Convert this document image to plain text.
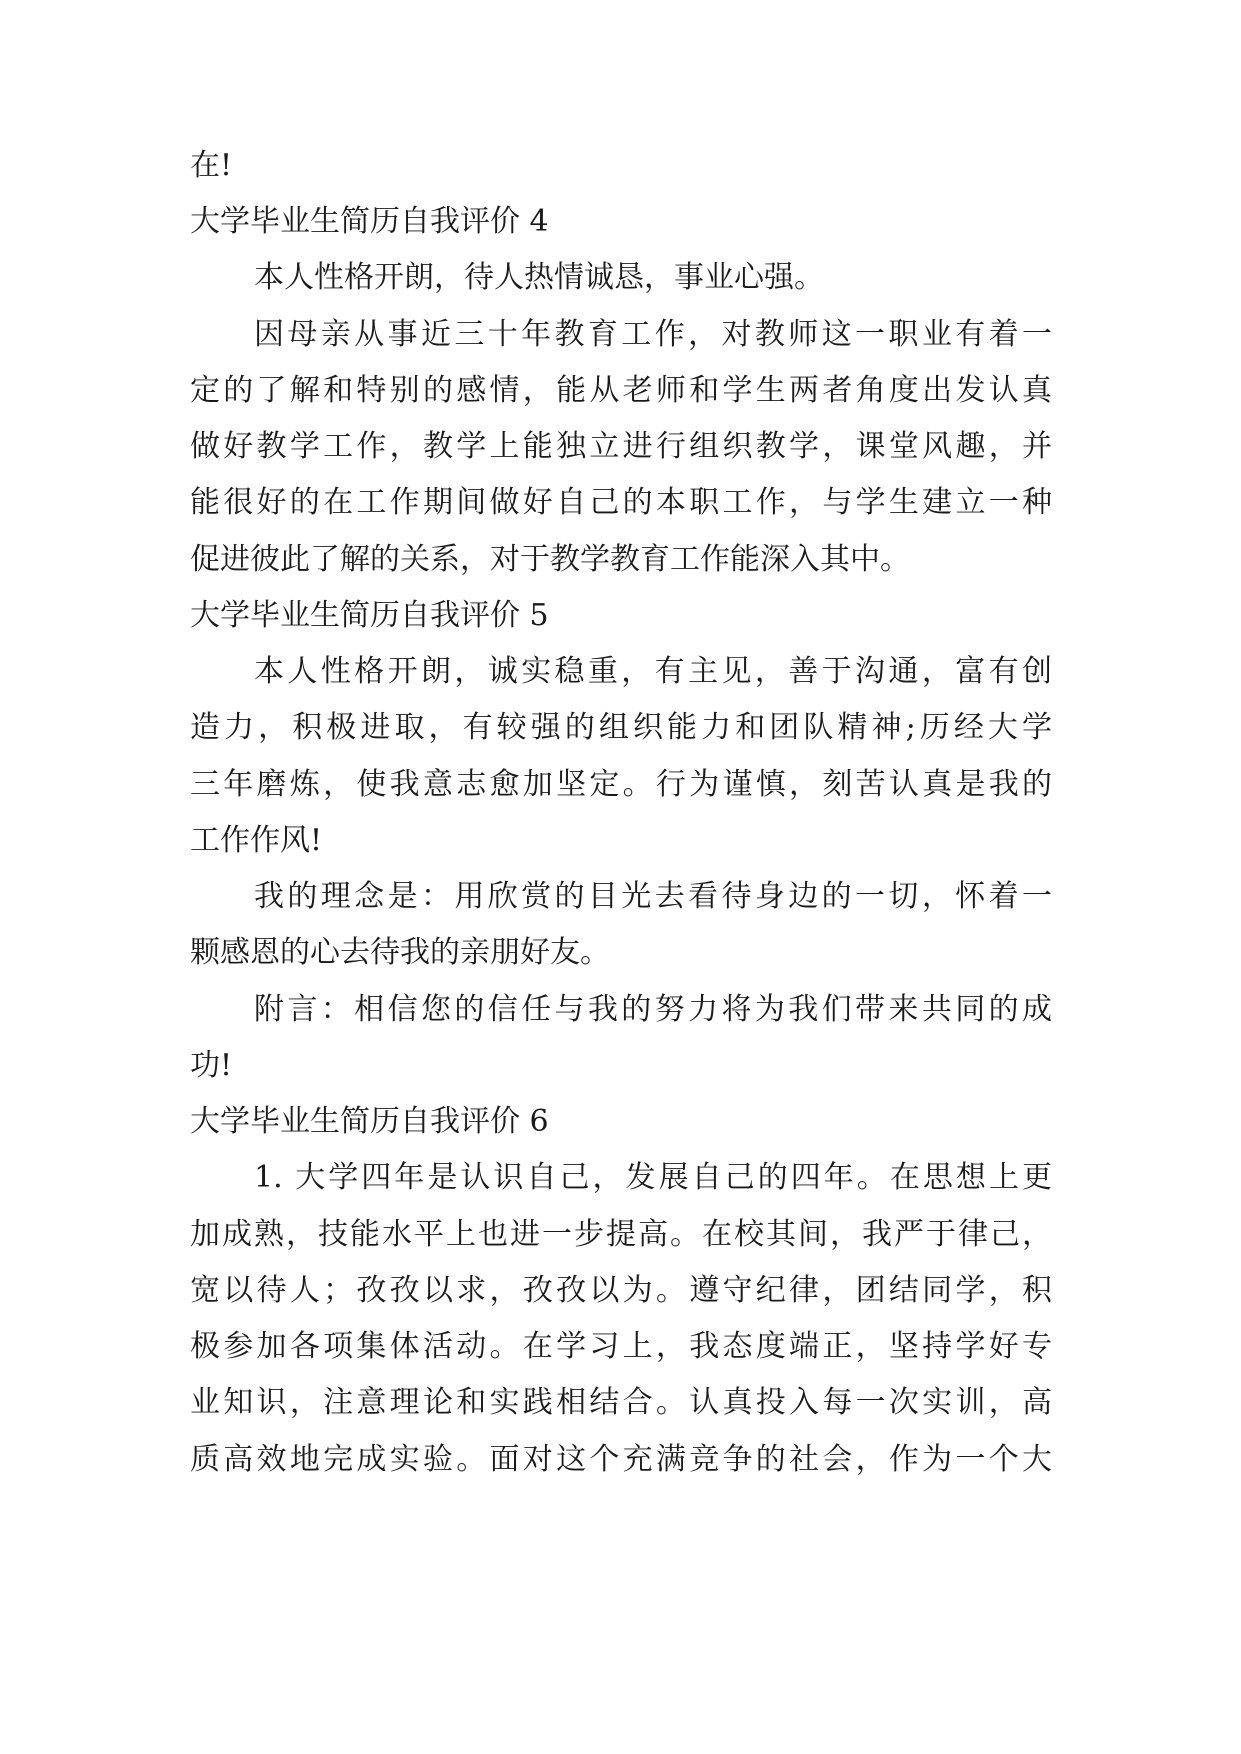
在!
大学毕业生简历自我评价 4
本人性格开朗，待人热情诚恳，事业心强。
因母亲从事近三十年教育工作，对教师这一职业有着一
定的了解和特别的感情，能从老师和学生两者角度出发认真
做好教学工作，教学上能独立进行组织教学，课堂风趣，并
能很好的在工作期间做好自己的本职工作，与学生建立一种
促进彼此了解的关系，对于教学教育工作能深入其中。
大学毕业生简历自我评价 5
本人性格开朗，诚实稳重，有主见，善于沟通，富有创
造力，积极进取，有较强的组织能力和团队精神;历经大学
三年磨炼，使我意志愈加坚定。行为谨慎，刻苦认真是我的
工作作风!
我的理念是：用欣赏的目光去看待身边的一切，怀着一
颗感恩的心去待我的亲朋好友。
附言：相信您的信任与我的努力将为我们带来共同的成
功!
大学毕业生简历自我评价 6
1. 大学四年是认识自己，发展自己的四年。在思想上更
加成熟，技能水平上也进一步提高。在校其间，我严于律己，
宽以待人；孜孜以求，孜孜以为。遵守纪律，团结同学，积
极参加各项集体活动。在学习上，我态度端正，坚持学好专
业知识，注意理论和实践相结合。认真投入每一次实训，高
质高效地完成实验。面对这个充满竞争的社会，作为一个大
